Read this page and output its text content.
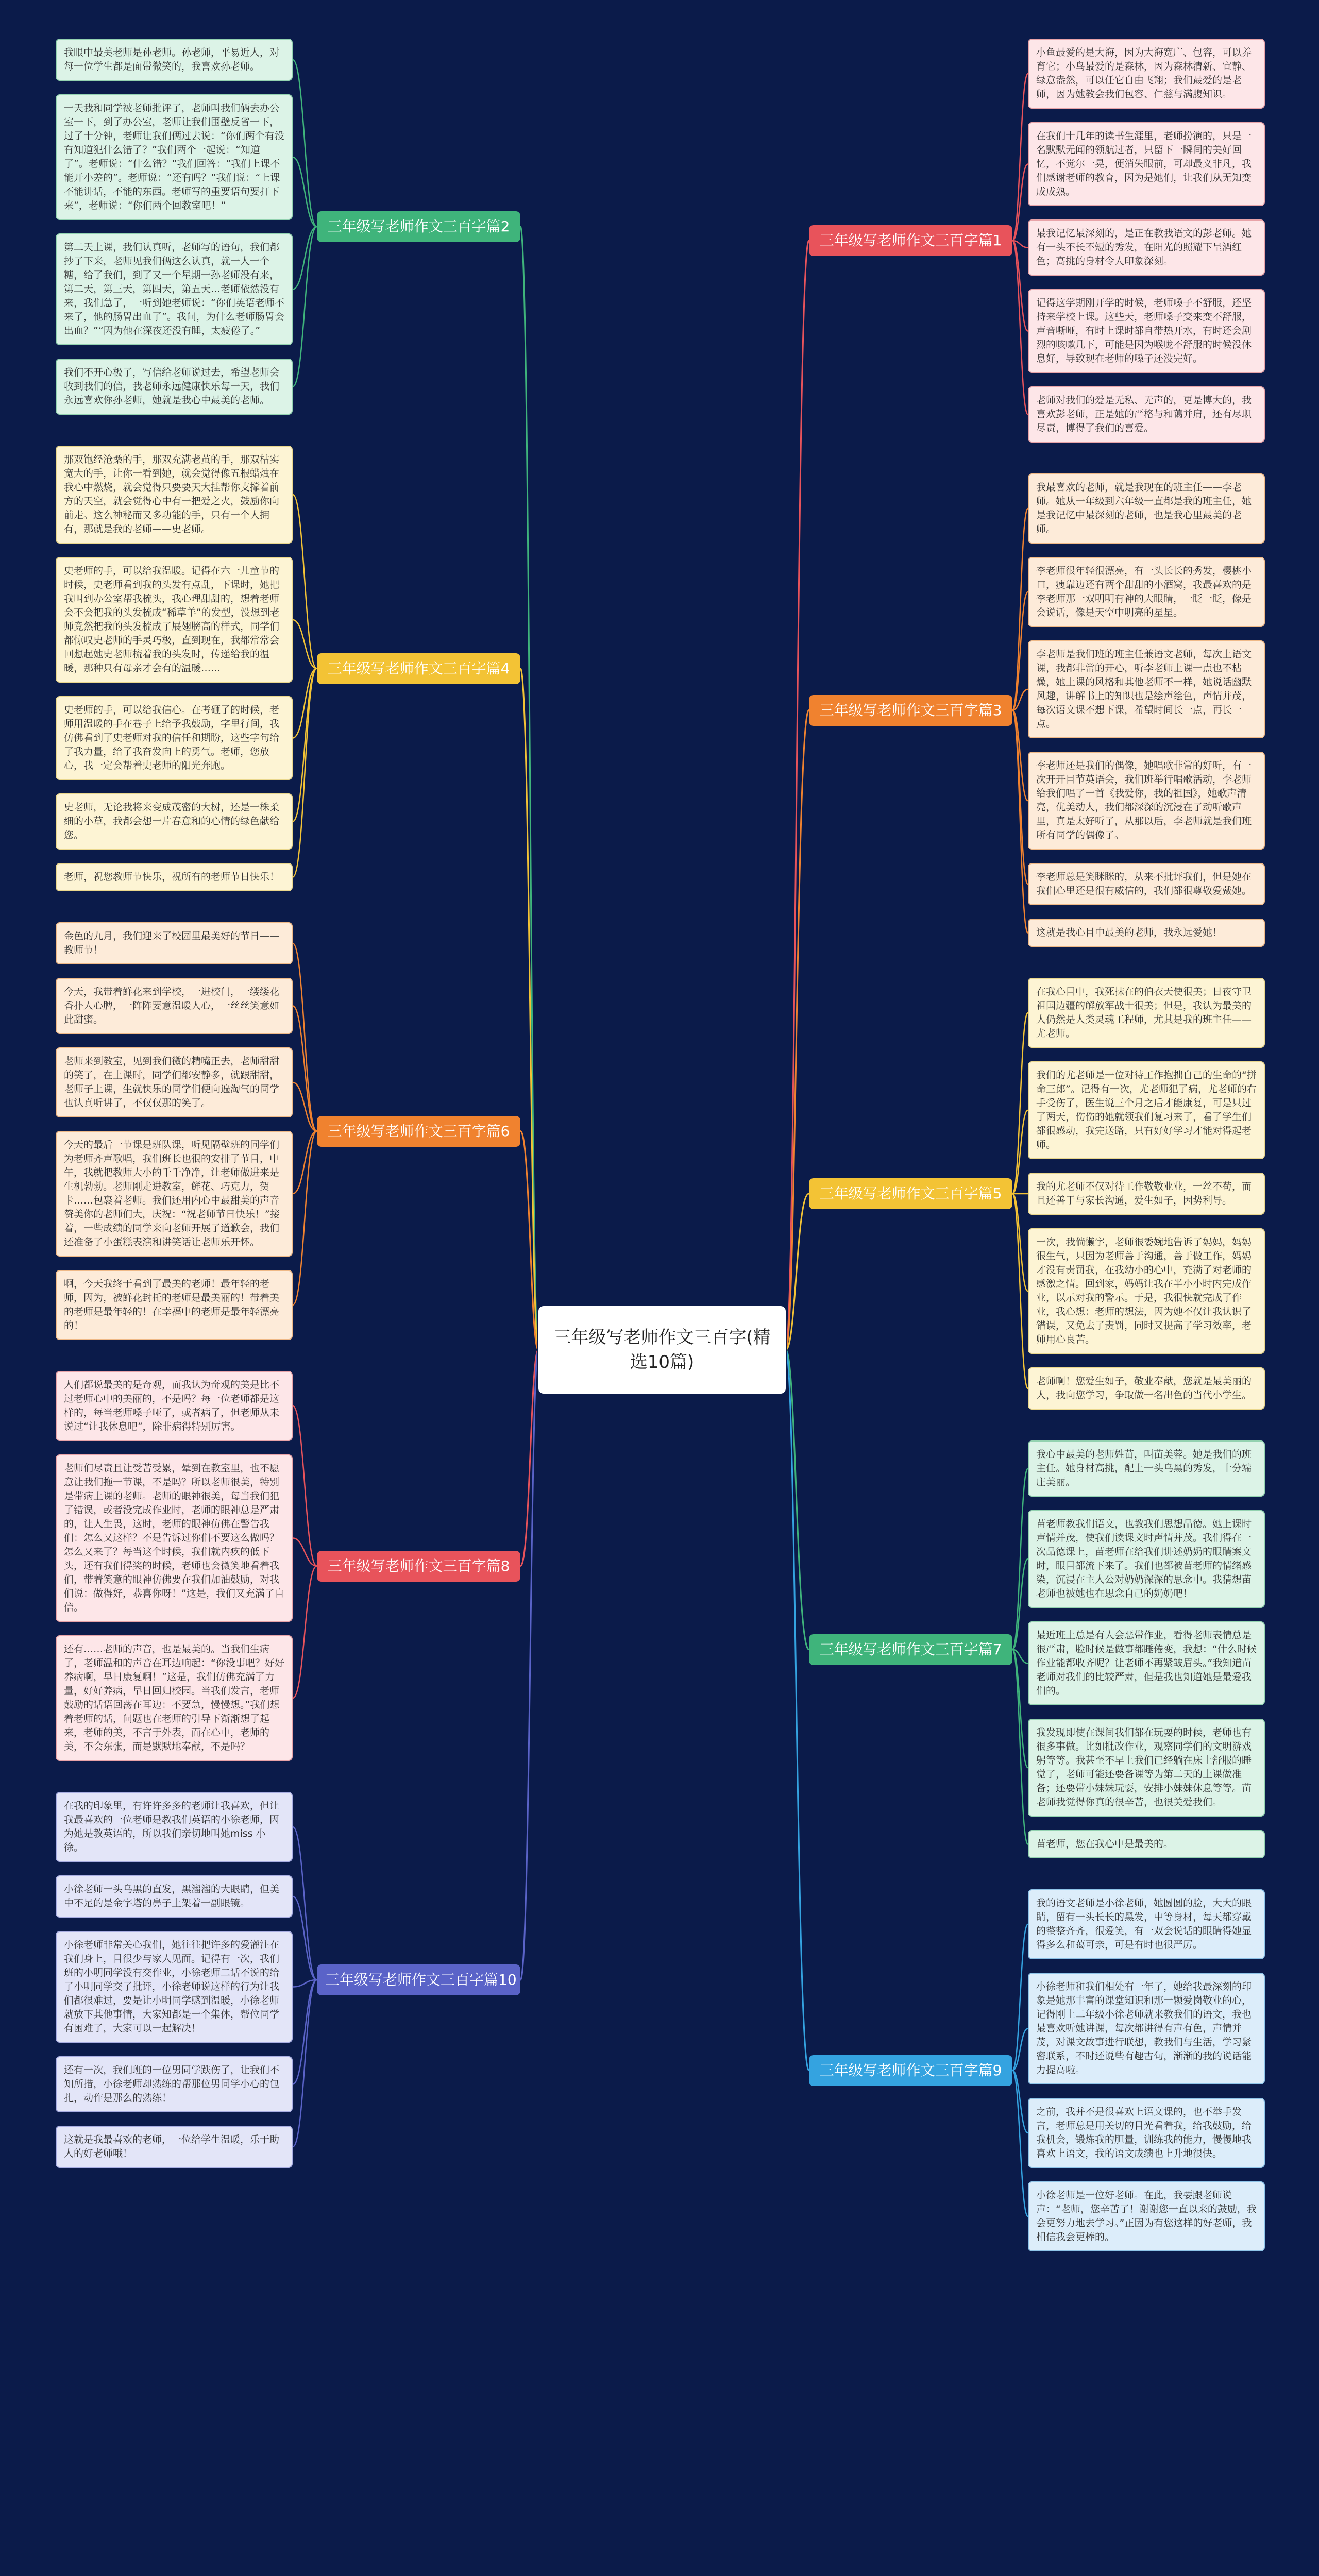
三年级写老师作文三百字(精选10篇)
小鱼最爱的是大海，因为大海宽广、包容，可以养育它；小鸟最爱的是森林，因为森林清新、宜静、绿意盎然，可以任它自由飞翔；我们最爱的是老师，因为她教会我们包容、仁慈与满腹知识。
在我们十几年的读书生涯里，老师扮演的，只是一名默默无闻的领航过者，只留下一瞬间的美好回忆，不觉尔一晃，便消失眼前，可却最义非凡，我们感谢老师的教育，因为是她们，让我们从无知变成成熟。
最我记忆最深刻的，是正在教我语文的彭老师。她有一头不长不短的秀发，在阳光的照耀下呈酒红色；高挑的身材令人印象深刻。
记得这学期刚开学的时候，老师嗓子不舒服，还坚持来学校上课。这些天，老师嗓子变来变不舒服，声音嘶哑，有时上课时都自带热开水，有时还会剧烈的咳嗽几下，可能是因为喉咙不舒服的时候没休息好，导致现在老师的嗓子还没完好。
老师对我们的爱是无私、无声的，更是博大的，我喜欢彭老师，正是她的严格与和蔼并肩，还有尽职尽责，博得了我们的喜爱。
三年级写老师作文三百字篇1
我最喜欢的老师，就是我现在的班主任——李老师。她从一年级到六年级一直都是我的班主任，她是我记忆中最深刻的老师，也是我心里最美的老师。
李老师很年轻很漂亮，有一头长长的秀发，樱桃小口，瘦靠边还有两个甜甜的小酒窝，我最喜欢的是李老师那一双明明有神的大眼睛，一眨一眨，像是会说话，像是天空中明亮的星星。
李老师是我们班的班主任兼语文老师，每次上语文课，我都非常的开心，听李老师上课一点也不枯燥，她上课的风格和其他老师不一样，她说话幽默风趣，讲解书上的知识也是绘声绘色，声情并茂，每次语文课不想下课，希望时间长一点，再长一点。
李老师还是我们的偶像，她唱歌非常的好听，有一次开开目节英语会，我们班举行唱歌活动，李老师给我们唱了一首《我爱你，我的祖国》，她歌声清亮，优美动人，我们都深深的沉浸在了动听歌声里，真是太好听了，从那以后，李老师就是我们班所有同学的偶像了。
李老师总是笑眯眯的，从来不批评我们，但是她在我们心里还是很有威信的，我们都很尊敬爱戴她。
这就是我心目中最美的老师，我永远爱她！
三年级写老师作文三百字篇3
在我心目中，我死抹在的伯衣天使很美；日夜守卫祖国边疆的解放军战士很美；但是，我认为最美的人仍然是人类灵魂工程师，尤其是我的班主任——尤老师。
我们的尤老师是一位对待工作抱拙自己的生命的“拼命三郎”。记得有一次，尤老师犯了病，尤老师的右手受伤了，医生说三个月之后才能康复，可是只过了两天，伤伤的她就领我们复习来了，看了学生们都很感动，我完送路，只有好好学习才能对得起老师。
我的尤老师不仅对待工作敬敬业业，一丝不苟，而且还善于与家长沟通，爱生如子，因势利导。
一次，我倘懒字，老师很委婉地告诉了妈妈，妈妈很生气，只因为老师善于沟通，善于做工作，妈妈才没有责罚我，在我幼小的心中，充满了对老师的感激之情。回到家，妈妈让我在半小小时内完成作业，以示对我的警示。于是，我很快就完成了作业，我心想：老师的想法，因为她不仅让我认识了错误，又免去了责罚，同时又提高了学习效率，老师用心良苦。
老师啊！您爱生如子，敬业奉献，您就是最美丽的人，我向您学习，争取做一名出色的当代小学生。
三年级写老师作文三百字篇5
我心中最美的老师姓苗，叫苗美蓉。她是我们的班主任。她身材高挑，配上一头乌黑的秀发，十分端庄美丽。
苗老师教我们语文，也教我们思想品德。她上课时声情并茂，使我们读课文时声情并茂。我们得在一次品德课上，苗老师在给我们讲述奶奶的眼睛案文时，眼目都流下来了。我们也都被苗老师的情绪感染，沉浸在主人公对奶奶深深的思念中。我猜想苗老师也被她也在思念自己的奶奶吧！
最近班上总是有人会恶带作业，看得老师表情总是很严肃，脸时候是做事都睡倦变，我想：“什么时候作业能都收齐呢？让老师不再紧皱眉头。”我知道苗老师对我们的比较严肃，但是我也知道她是最爱我们的。
我发现即使在课间我们都在玩耍的时候，老师也有很多事做。比如批改作业，观察同学们的文明游戏躬等等。我甚至不早上我们已经躺在床上舒服的睡觉了，老师可能还要备课等为第二天的上课做准备；还要带小妹妹玩耍，安排小妹妹休息等等。苗老师我觉得你真的很辛苦，也很关爱我们。
苗老师，您在我心中是最美的。
三年级写老师作文三百字篇7
我的语文老师是小徐老师，她圆圆的脸，大大的眼睛，留有一头长长的黑发，中等身材，每天都穿戴的整整齐齐，很爱笑，有一双会说话的眼睛得她显得多么和蔼可亲，可是有时也很严厉。
小徐老师和我们相处有一年了，她给我最深刻的印象是她那丰富的课堂知识和那一颗爱岗敬业的心，记得刚上二年级小徐老师就来教我们的语文，我也最喜欢听她讲课，每次都讲得有声有色，声情并茂，对课文故事进行联想，教我们与生活，学习紧密联系，不时还说些有趣古句，渐渐的我的说话能力提高啦。
之前，我并不是很喜欢上语文课的，也不举手发言，老师总是用关切的目光看着我，给我鼓励，给我机会，锻炼我的胆量，训练我的能力，慢慢地我喜欢上语文，我的语文成绩也上升地很快。
小徐老师是一位好老师。在此，我要跟老师说声：“老师，您辛苦了！谢谢您一直以来的鼓励，我会更努力地去学习。”正因为有您这样的好老师，我相信我会更棒的。
三年级写老师作文三百字篇9
我眼中最美老师是孙老师。孙老师，平易近人，对每一位学生都是面带微笑的，我喜欢孙老师。
一天我和同学被老师批评了，老师叫我们俩去办公室一下，到了办公室，老师让我们围壁反省一下，过了十分钟，老师让我们俩过去说：“你们两个有没有知道犯什么错了？”我们两个一起说：“知道了”。老师说：“什么错？”我们回答：“我们上课不能开小差的”。老师说：“还有吗？”我们说：“上课不能讲话，不能的东西。老师写的重要语句要打下来”，老师说：“你们两个回教室吧！”
第二天上课，我们认真听，老师写的语句，我们都抄了下来，老师见我们俩这么认真，就一人一个糖，给了我们，到了又一个星期一孙老师没有来，第二天，第三天，第四天，第五天…老师依然没有来，我们急了，一听到她老师说：“你们英语老师不来了，他的肠胃出血了”。我问，为什么老师肠胃会出血？”“因为他在深夜还没有睡，太疲倦了。”
我们不开心极了，写信给老师说过去，希望老师会收到我们的信，我老师永远健康快乐每一天，我们永远喜欢你孙老师，她就是我心中最美的老师。
三年级写老师作文三百字篇2
那双饱经沧桑的手，那双充满老茧的手，那双枯实宽大的手，让你一看到她，就会觉得像五根蜡烛在我心中燃烧，就会觉得只要要天大挂帮你支撑着前方的天空，就会觉得心中有一把爱之火，鼓励你向前走。这么神秘而又多功能的手，只有一个人拥有，那就是我的老师——史老师。
史老师的手，可以给我温暖。记得在六一儿童节的时候，史老师看到我的头发有点乱，下课时，她把我叫到办公室帮我梳头，我心理甜甜的，想着老师会不会把我的头发梳成“稀草羊”的发型，没想到老师竟然把我的头发梳成了展翅膀高的样式，同学们都惊叹史老师的手灵巧极，直到现在，我都常常会回想起她史老师梳着我的头发时，传递给我的温暖，那种只有母亲才会有的温暖……
史老师的手，可以给我信心。在考砸了的时候，老师用温暖的手在巷子上给予我鼓励，字里行间，我仿佛看到了史老师对我的信任和期盼，这些字句给了我力量，给了我奋发向上的勇气。老师，您放心，我一定会帮着史老师的阳光奔跑。
史老师，无论我将来变成茂密的大树，还是一株柔细的小草，我都会想一片春意和的心情的绿色献给您。
老师，祝您教师节快乐，祝所有的老师节日快乐！
三年级写老师作文三百字篇4
金色的九月，我们迎来了校园里最美好的节日——教师节！
今天，我带着鲜花来到学校，一进校门，一缕缕花香扑人心脾，一阵阵要意温暖人心，一丝丝笑意如此甜蜜。
老师来到教室，见到我们微的精嘴正去，老师甜甜的笑了，在上课时，同学们都安静多，就跟甜甜，老师子上课，生就快乐的同学们便向遍淘气的同学也认真听讲了，不仅仅那的笑了。
今天的最后一节课是班队课，听见隔壁班的同学们为老师齐声歌唱，我们班长也很的安排了节目，中午，我就把教师大小的千千净净，让老师做进来是生机勃勃。老师刚走进教室，鲜花、巧克力，贺卡……包裹着老师。我们还用内心中最甜美的声音赞美你的老师们大，庆祝：“祝老师节日快乐！”接着，一些成绩的同学来向老师开展了道歉会，我们还准备了小蛋糕表演和讲笑话让老师乐开怀。
啊，今天我终于看到了最美的老师！最年轻的老师，因为，被鲜花封托的老师是最美丽的！带着美的老师是最年轻的！在幸福中的老师是最年轻漂亮的！
三年级写老师作文三百字篇6
人们都说最美的是奇观，而我认为奇观的美是比不过老师心中的美丽的，不是吗？每一位老师都是这样的，每当老师嗓子哑了，或者病了，但老师从未说过“让我休息吧”，除非病得特别厉害。
老师们尽责且让受苦受累，晕到在教室里，也不愿意让我们拖一节课，不是吗？所以老师很美，特别是带病上课的老师。老师的眼神很美，每当我们犯了错误，或者没完成作业时，老师的眼神总是严肃的，让人生畏，这时，老师的眼神仿佛在警告我们：怎么又这样？不是告诉过你们不要这么做吗？怎么又来了？每当这个时候，我们就内疚的低下头，还有我们得奖的时候，老师也会微笑地看着我们，带着笑意的眼神仿佛要在我们加油鼓励，对我们说：做得好，恭喜你呀！”这是，我们又充满了自信。
还有……老师的声音，也是最美的。当我们生病了，老师温和的声音在耳边响起：“你没事吧？好好养病啊，早日康复啊！”这是，我们仿佛充满了力量，好好养病，早日回归校园。当我们发言，老师鼓励的话语回荡在耳边：不要急，慢慢想。”我们想着老师的话，问题也在老师的引导下渐渐想了起来，老师的美，不言于外表，而在心中，老师的美，不会东张，而是默默地奉献，不是吗？
三年级写老师作文三百字篇8
在我的印象里，有许许多多的老师让我喜欢，但让我最喜欢的一位老师是教我们英语的小徐老师，因为她是教英语的，所以我们亲切地叫她miss 小徐。
小徐老师一头乌黑的直发，黑溜溜的大眼睛，但美中不足的是金字塔的鼻子上架着一副眼镜。
小徐老师非常关心我们，她往往把许多的爱灌注在我们身上，目很少与家人见面。记得有一次，我们班的小明同学没有交作业，小徐老师二话不说的给了小明同学交了批评，小徐老师说这样的行为让我们都很难过，要是让小明同学感到温暖，小徐老师就放下其他事情，大家知都是一个集体，帮位同学有困难了，大家可以一起解决！
还有一次，我们班的一位男同学跌伤了，让我们不知所措，小徐老师却熟练的帮那位男同学小心的包扎，动作是那么的熟练！
这就是我最喜欢的老师，一位给学生温暖，乐于助人的好老师哦！
三年级写老师作文三百字篇10
